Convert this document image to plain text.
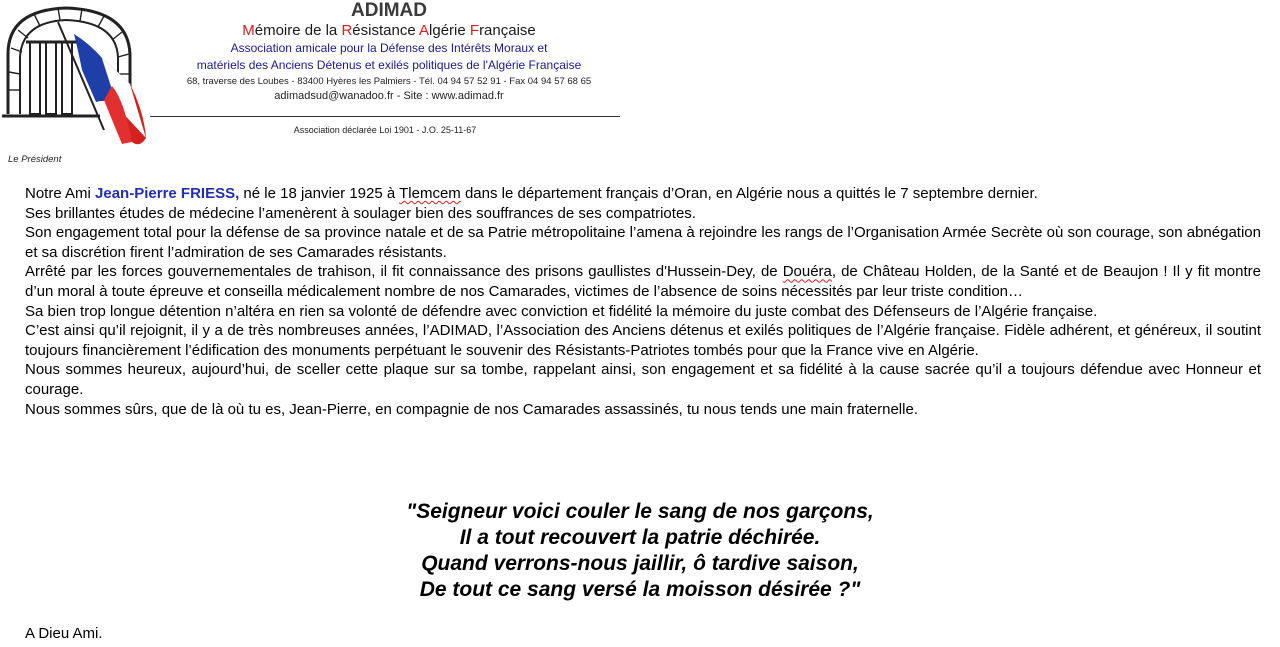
ADIMAD
Mémoire de la Résistance Algérie Française
Association amicale pour la Défense des Intérêts Moraux et
matériels des Anciens Détenus et exilés politiques de l'Algérie Française
68, traverse des Loubes - 83400 Hyères les Palmiers - Tél. 04 94 57 52 91 - Fax 04 94 57 68 65
adimadsud@wanadoo.fr - Site : www.adimad.fr
Association déclarée Loi 1901 - J.O. 25-11-67
Le Président

Notre Ami Jean-Pierre FRIESS, né le 18 janvier 1925 à Tlemcem dans le département français d’Oran, en Algérie nous a quittés le 7 septembre dernier.

Ses brillantes études de médecine l’amenèrent à soulager bien des souffrances de ses compatriotes.

Son engagement total pour la défense de sa province natale et de sa Patrie métropolitaine l’amena à rejoindre les rangs de l’Organisation Armée Secrète où son courage, son abnégation et sa discrétion firent l’admiration de ses Camarades résistants.

Arrêté par les forces gouvernementales de trahison, il fit connaissance des prisons gaullistes d'Hussein-Dey, de Douéra, de Château Holden, de la Santé et de Beaujon ! Il y fit montre d’un moral à toute épreuve et conseilla médicalement nombre de nos Camarades, victimes de l’absence de soins nécessités par leur triste condition…

Sa bien trop longue détention n’altéra en rien sa volonté de défendre avec conviction et fidélité la mémoire du juste combat des Défenseurs de l’Algérie française.

C’est ainsi qu’il rejoignit, il y a de très nombreuses années, l’ADIMAD, l’Association des Anciens détenus et exilés politiques de l’Algérie française. Fidèle adhérent, et généreux, il soutint toujours financièrement l’édification des monuments perpétuant le souvenir des Résistants-Patriotes tombés pour que la France vive en Algérie.

Nous sommes heureux, aujourd’hui, de sceller cette plaque sur sa tombe, rappelant ainsi, son engagement et sa fidélité à la cause sacrée qu’il a toujours défendue avec Honneur et courage.

Nous sommes sûrs, que de là où tu es, Jean-Pierre, en compagnie de nos Camarades assassinés, tu nous tends une main fraternelle.

"Seigneur voici couler le sang de nos garçons,
Il a tout recouvert la patrie déchirée.
Quand verrons-nous jaillir, ô tardive saison,
De tout ce sang versé la moisson désirée ?"
A Dieu Ami.
